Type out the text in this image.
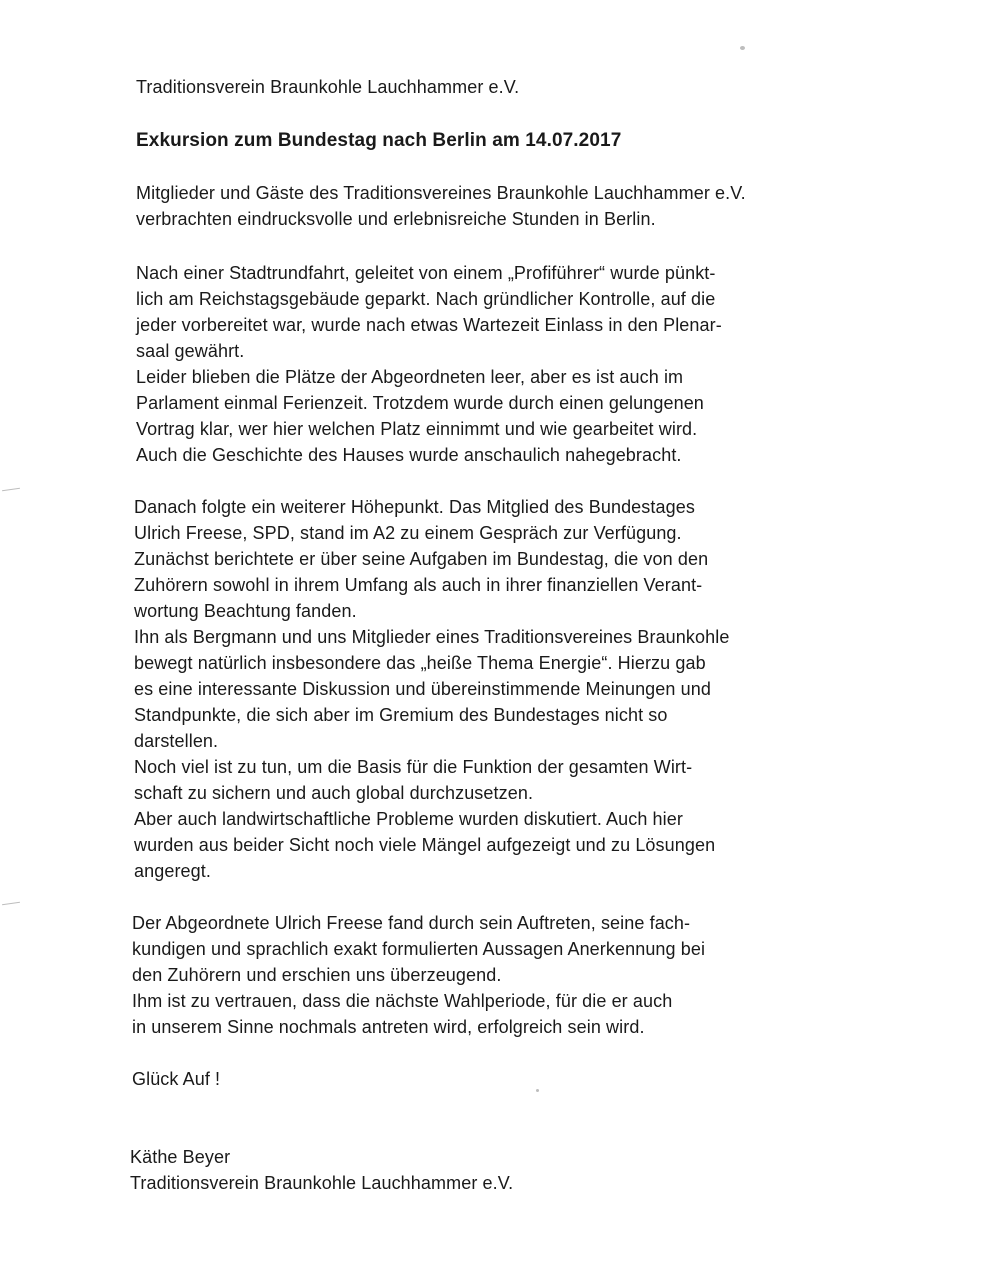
Traditionsverein Braunkohle Lauchhammer e.V.
Exkursion zum Bundestag nach Berlin am 14.07.2017
Mitglieder und Gäste des Traditionsvereines Braunkohle Lauchhammer e.V.
verbrachten eindrucksvolle und erlebnisreiche Stunden in Berlin.
Nach einer Stadtrundfahrt, geleitet von einem „Profiführer“ wurde pünkt-
lich am Reichstagsgebäude geparkt. Nach gründlicher Kontrolle, auf die
jeder vorbereitet war, wurde nach etwas Wartezeit Einlass in den Plenar-
saal gewährt.
Leider blieben die Plätze der Abgeordneten leer, aber es ist auch im
Parlament einmal Ferienzeit. Trotzdem wurde durch einen gelungenen
Vortrag klar, wer hier welchen Platz einnimmt und wie gearbeitet wird.
Auch die Geschichte des Hauses wurde anschaulich nahegebracht.
Danach folgte ein weiterer Höhepunkt. Das Mitglied des Bundestages
Ulrich Freese, SPD, stand im A2 zu einem Gespräch zur Verfügung.
Zunächst berichtete er über seine Aufgaben im Bundestag, die von den
Zuhörern sowohl in ihrem Umfang als auch in ihrer finanziellen Verant-
wortung Beachtung fanden.
Ihn als Bergmann und uns Mitglieder eines Traditionsvereines Braunkohle
bewegt natürlich insbesondere das „heiße Thema Energie“. Hierzu gab
es eine interessante Diskussion und übereinstimmende Meinungen und
Standpunkte, die sich aber im Gremium des Bundestages nicht so
darstellen.
Noch viel ist zu tun, um die Basis für die Funktion der gesamten Wirt-
schaft zu sichern und auch global durchzusetzen.
Aber auch landwirtschaftliche Probleme wurden diskutiert. Auch hier
wurden aus beider Sicht noch viele Mängel aufgezeigt und zu Lösungen
angeregt.
Der Abgeordnete Ulrich Freese fand durch sein Auftreten, seine fach-
kundigen und sprachlich exakt formulierten Aussagen Anerkennung bei
den Zuhörern und erschien uns überzeugend.
Ihm ist zu vertrauen, dass die nächste Wahlperiode, für die er auch
in unserem Sinne nochmals antreten wird, erfolgreich sein wird.
Glück Auf !
Käthe Beyer
Traditionsverein Braunkohle Lauchhammer e.V.
